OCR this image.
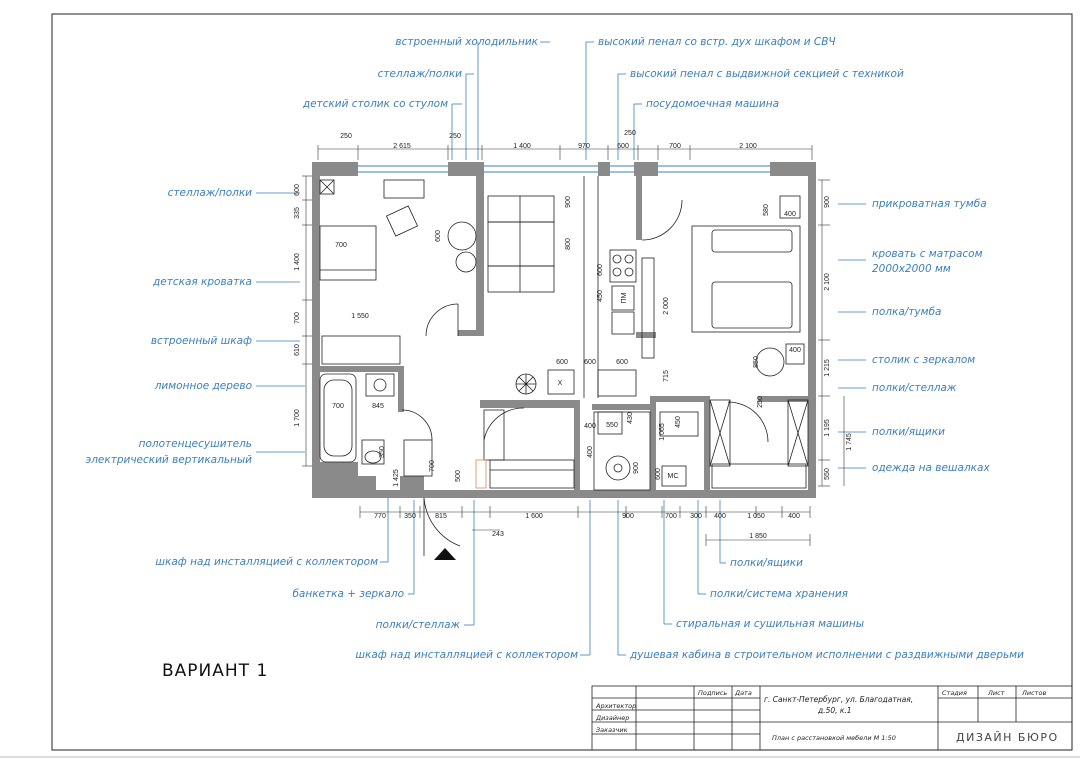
встроенный холодильник	высокий пенал со встр. дух шкафом и СВЧ
стеллаж/полки	высокий пенал с выдвижной секцией с техникой
детский столик со стулом	посудомоечная машина
стеллаж/полки
детская кроватка
встроенный шкаф
лимонное дерево
полотенцесушитель
электрический вертикальный
прикроватная тумба
кровать с матрасом
2000х2000 мм
полка/тумба
столик с зеркалом
полки/стеллаж
полки/ящики
одежда на вешалках
шкаф над инсталляцией с коллектором
банкетка + зеркало
полки/стеллаж
шкаф над инсталляцией с коллектором
полки/ящики
полки/система хранения
стиральная и сушильная машины
душевая кабина в строительном исполнении с раздвижными дверьми
250
2 615
250
1 400	970	600
250
700	2 100
600
335
1 400
700
610
1 700
900
2 100
1 215
1 195
1 745
550
770	350	815
243
1 600	900	700 300 400	1 050	400
1 850
700
1 550
600
900
800
600 600
450
600
600
2 000
715
580 400
850
400
250
700	845
350
700
1 425	500
400 550
430
1 065
450
600
900
400
X
ПМ
МС
ВАРИАНТ 1
Подпись Дата
Архитектор
Дизайнер
Заказчик
г. Санкт-Петербург, ул. Благодатная, д.50, к.1
План с расстановкой мебели М 1:50
Стадия	Лист	Листов
ДИЗАЙН БЮРО
